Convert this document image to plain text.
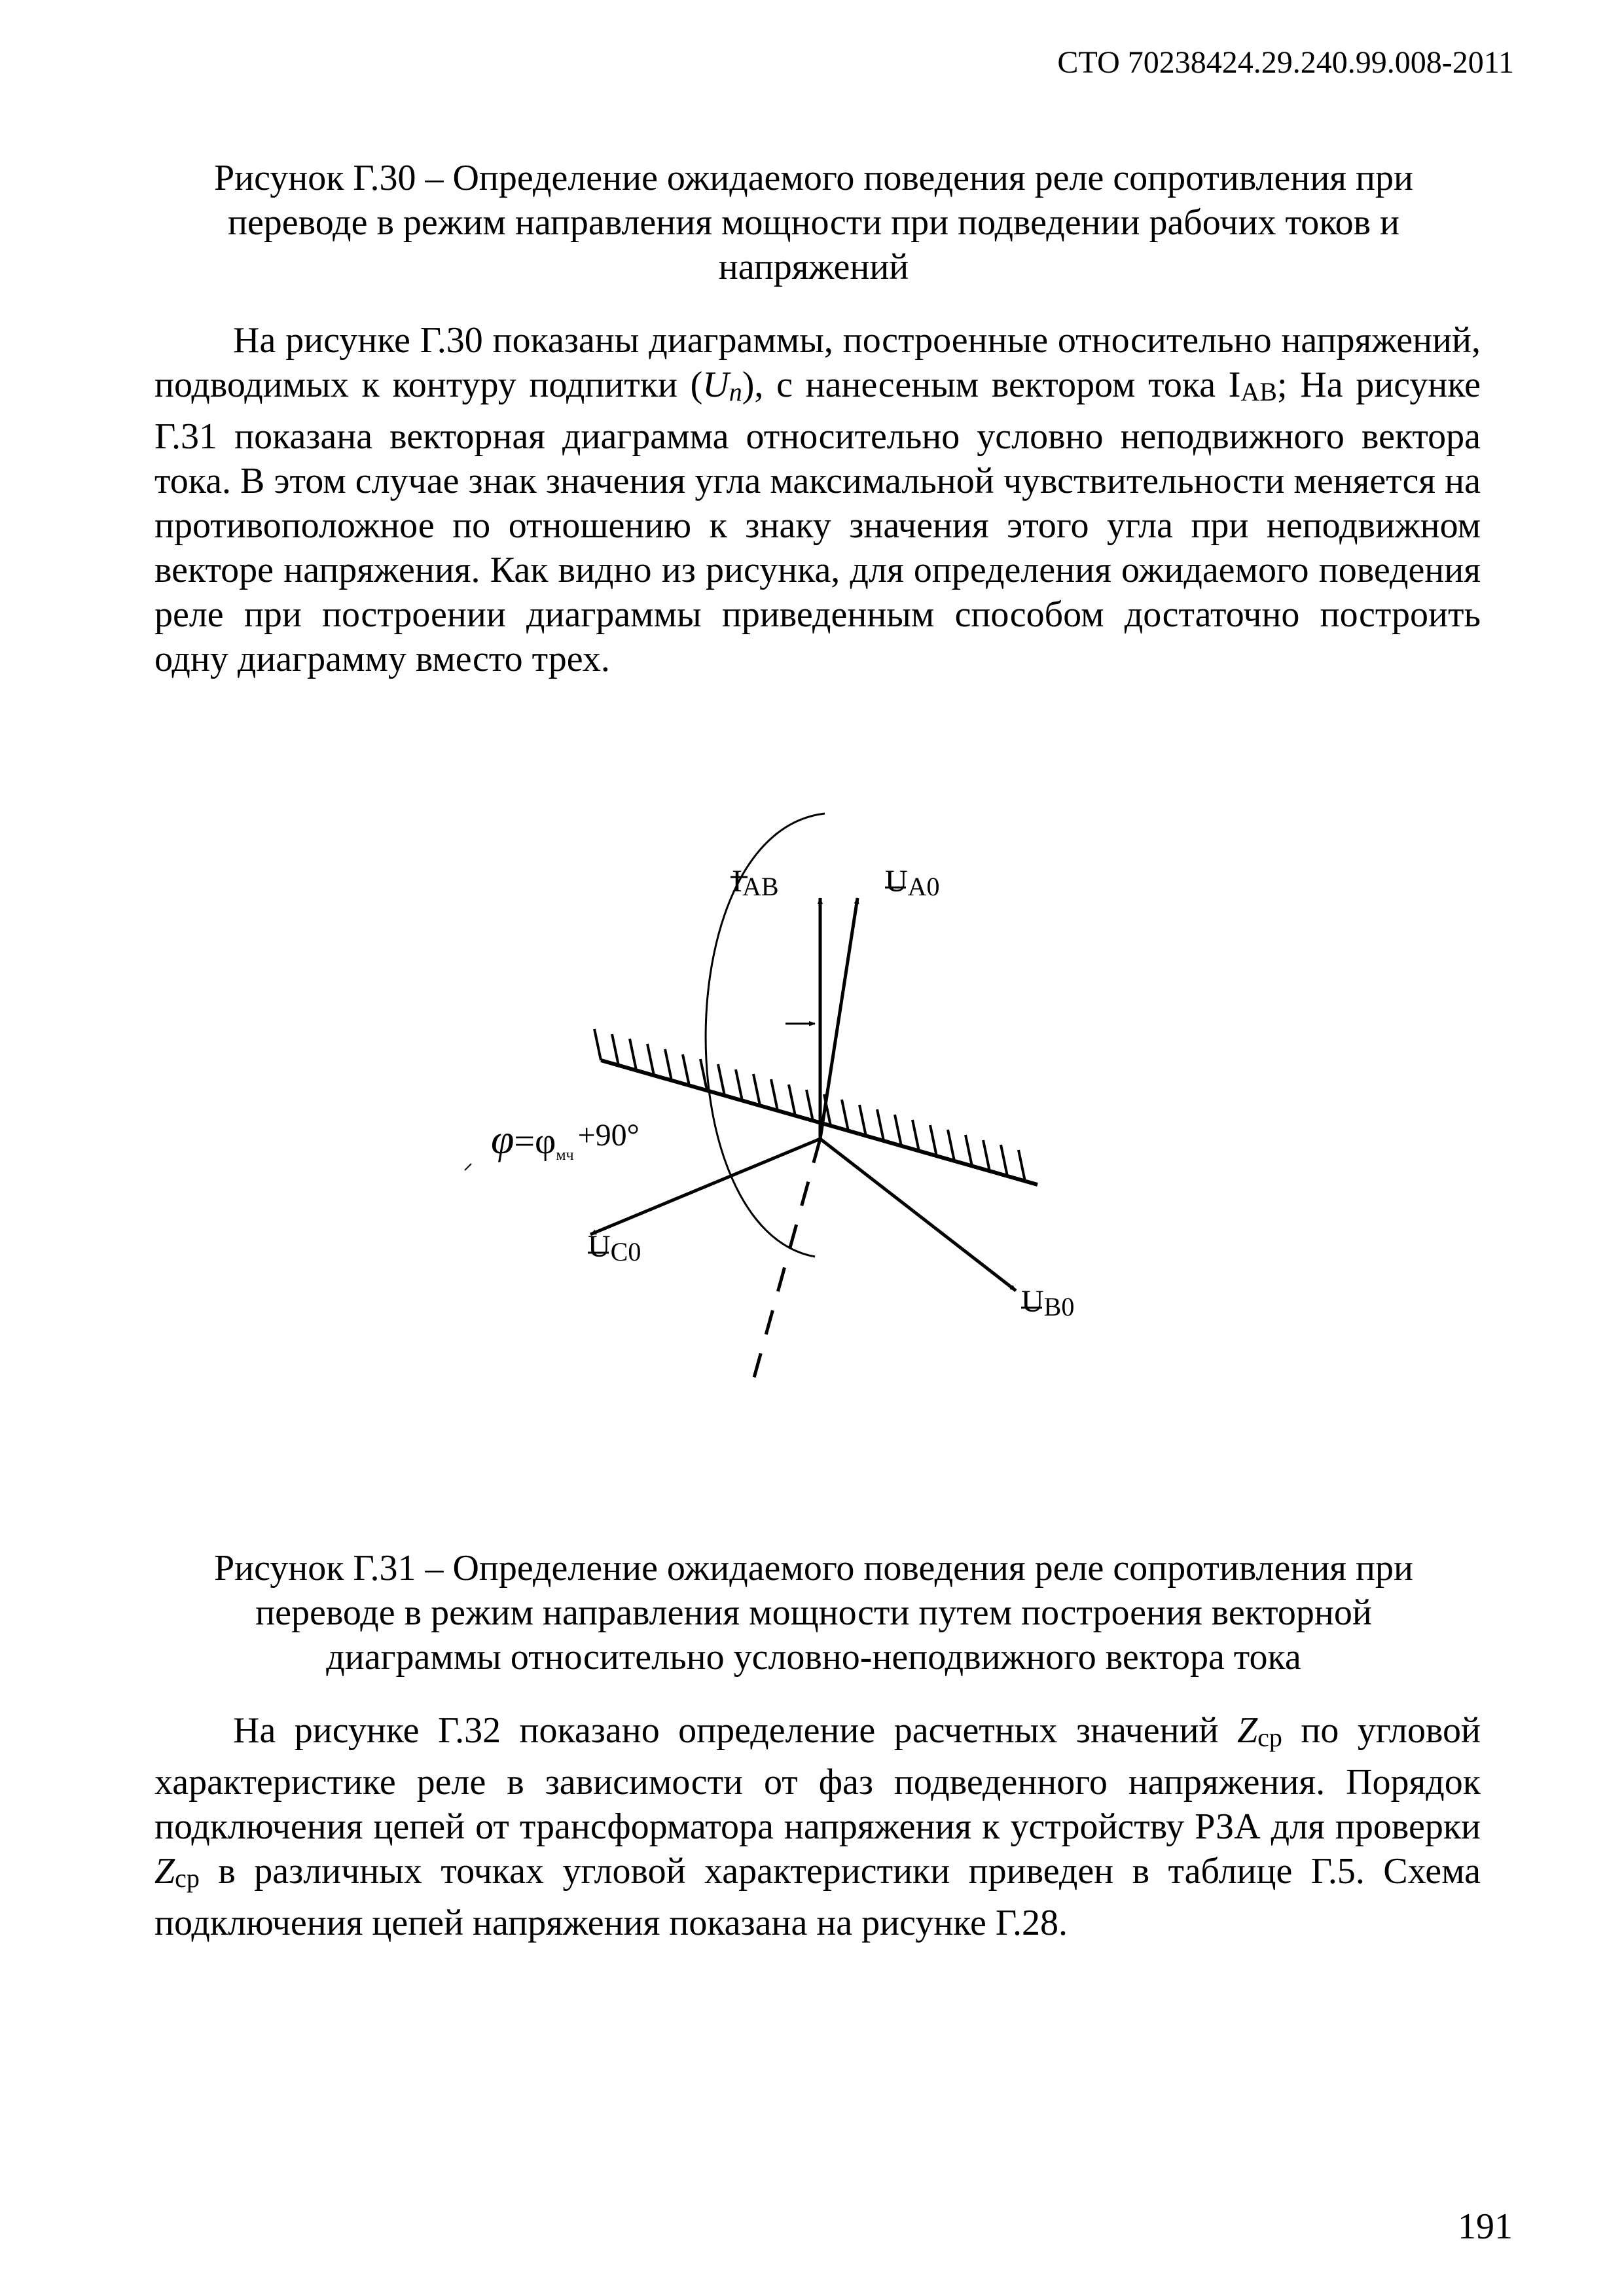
СТО 70238424.29.240.99.008-2011
Рисунок Г.30 – Определение ожидаемого поведения реле сопротивления при
переводе в режим направления мощности при подведении рабочих токов и
напряжений
На рисунке Г.30 показаны диаграммы, построенные относительно напряжений, подводимых к контуру подпитки (Uп), с нанесеным вектором тока IАВ; На рисунке Г.31 показана векторная диаграмма относительно условно неподвижного вектора тока. В этом случае знак значения угла максимальной чувствительности меняется на противоположное по отношению к знаку значения этого угла при неподвижном векторе напряжения. Как видно из рисунка, для определения ожидаемого поведения реле при построении диаграммы приведенным способом достаточно построить одну диаграмму вместо трех.
IAB	UA0
UC0
UB0
φ=φмч+90°
Рисунок Г.31 – Определение ожидаемого поведения реле сопротивления при
переводе в режим направления мощности путем построения векторной
диаграммы относительно условно-неподвижного вектора тока
На рисунке Г.32 показано определение расчетных значений Zср по угловой характеристике реле в зависимости от фаз подведенного напряжения. Порядок подключения цепей от трансформатора напряжения к устройству РЗА для проверки Zср в различных точках угловой характеристики приведен в таблице Г.5. Схема подключения цепей напряжения показана на рисунке Г.28.
191
